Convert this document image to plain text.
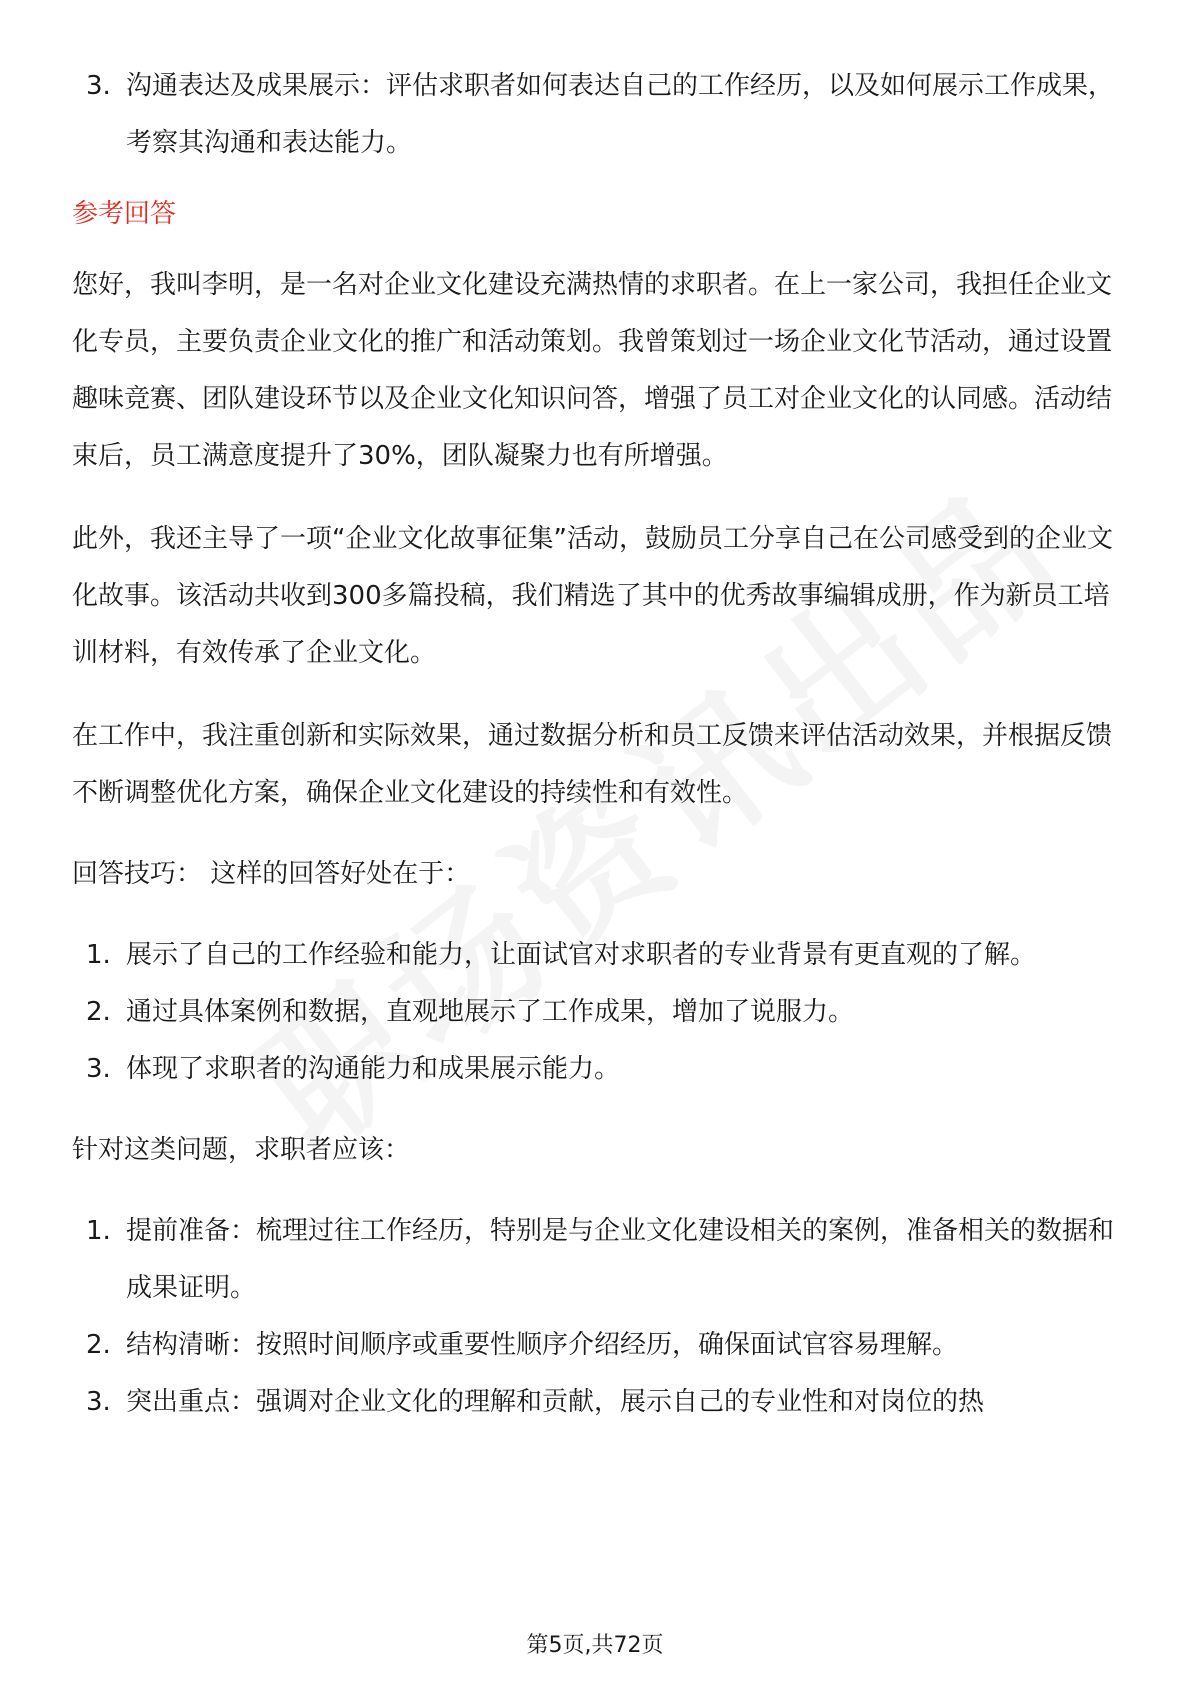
3. 沟通表达及成果展示：评估求职者如何表达自己的工作经历，以及如何展示工作成果，考察其沟通和表达能力。
参考回答

您好，我叫李明，是一名对企业文化建设充满热情的求职者。在上一家公司，我担任企业文化专员，主要负责企业文化的推广和活动策划。我曾策划过一场企业文化节活动，通过设置趣味竞赛、团队建设环节以及企业文化知识问答，增强了员工对企业文化的认同感。活动结束后，员工满意度提升了30%，团队凝聚力也有所增强。

此外，我还主导了一项“企业文化故事征集”活动，鼓励员工分享自己在公司感受到的企业文化故事。该活动共收到300多篇投稿，我们精选了其中的优秀故事编辑成册，作为新员工培训材料，有效传承了企业文化。

在工作中，我注重创新和实际效果，通过数据分析和员工反馈来评估活动效果，并根据反馈不断调整优化方案，确保企业文化建设的持续性和有效性。

回答技巧： 这样的回答好处在于：

1. 展示了自己的工作经验和能力，让面试官对求职者的专业背景有更直观的了解。
2. 通过具体案例和数据，直观地展示了工作成果，增加了说服力。
3. 体现了求职者的沟通能力和成果展示能力。

针对这类问题，求职者应该：

1. 提前准备：梳理过往工作经历，特别是与企业文化建设相关的案例，准备相关的数据和成果证明。
2. 结构清晰：按照时间顺序或重要性顺序介绍经历，确保面试官容易理解。
3. 突出重点：强调对企业文化的理解和贡献，展示自己的专业性和对岗位的热
第5页,共72页
